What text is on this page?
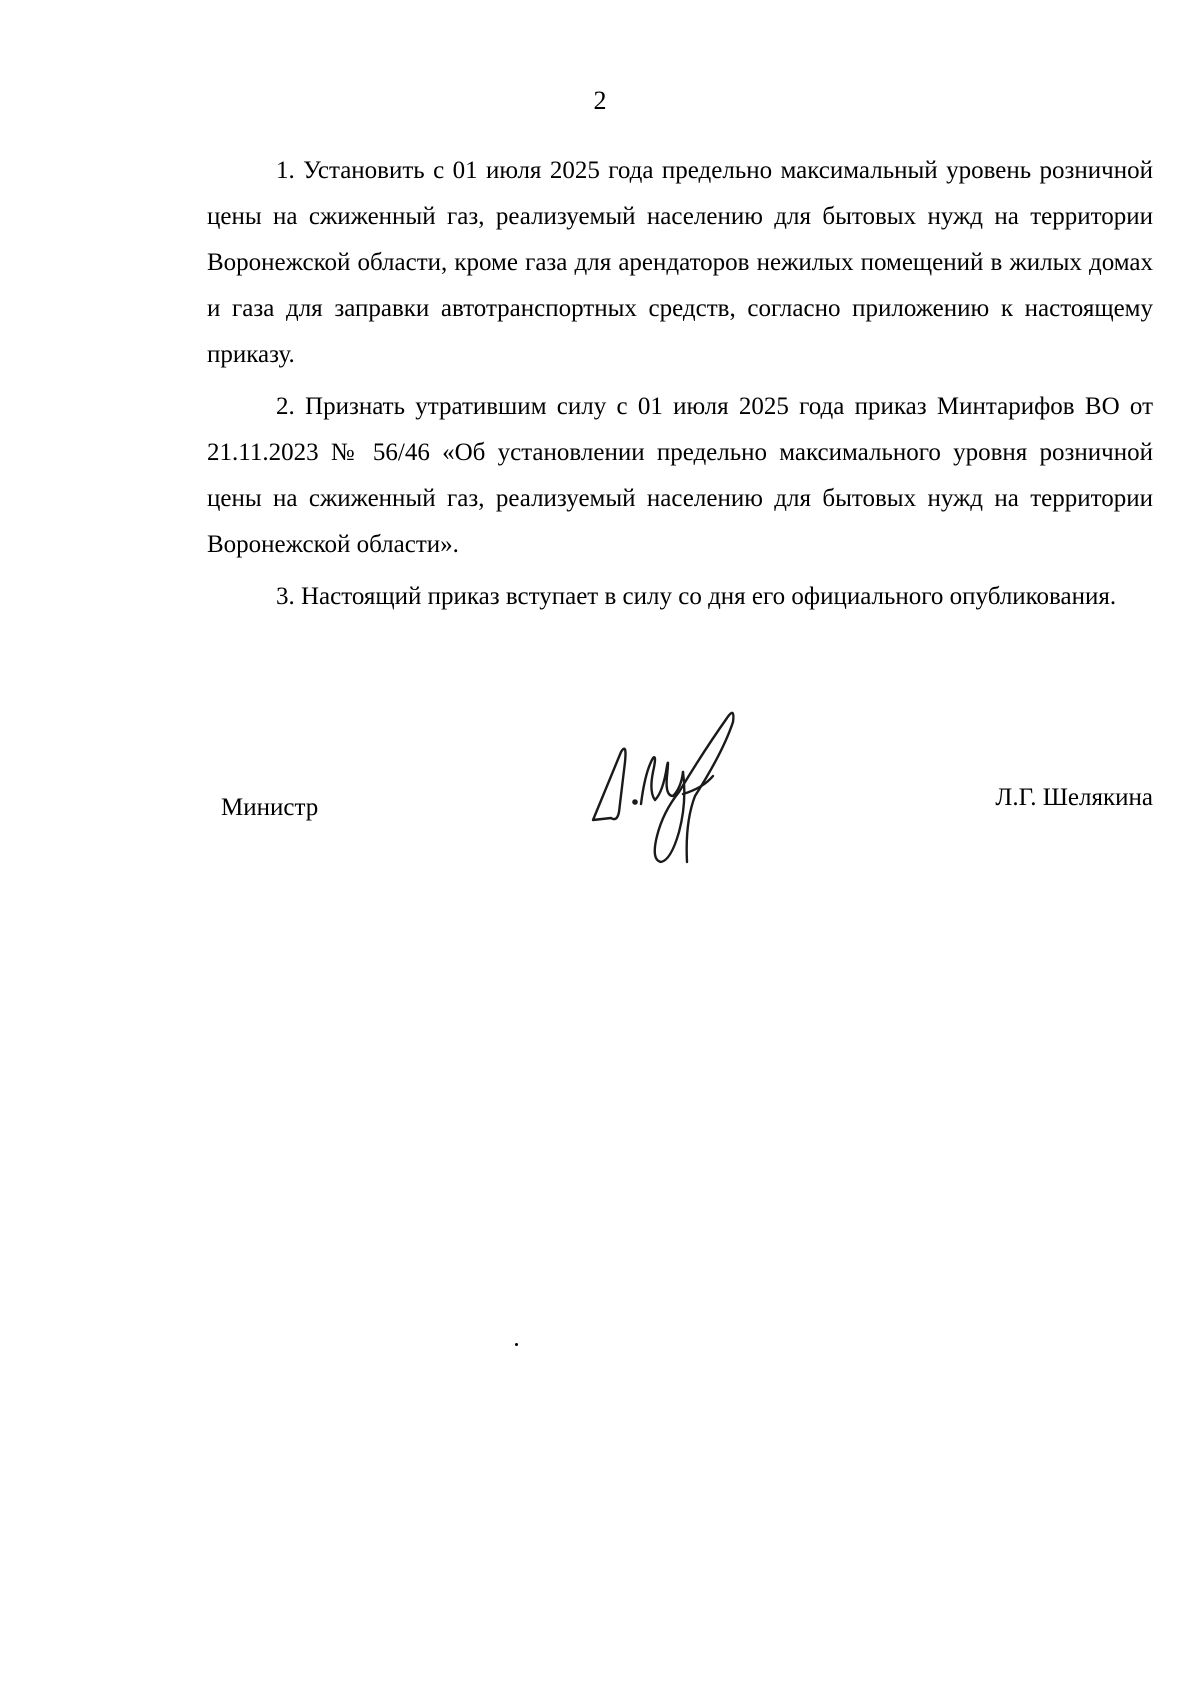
2

1. Установить с 01 июля 2025 года предельно максимальный уровень розничной цены на сжиженный газ, реализуемый населению для бытовых нужд на территории Воронежской области, кроме газа для арендаторов нежилых помещений в жилых домах и газа для заправки автотранспортных средств, согласно приложению к настоящему приказу.

2. Признать утратившим силу с 01 июля 2025 года приказ Минтарифов ВО от 21.11.2023 № 56/46 «Об установлении предельно максимального уровня розничной цены на сжиженный газ, реализуемый населению для бытовых нужд на территории Воронежской области».

3. Настоящий приказ вступает в силу со дня его официального опубликования.

Министр	Л.Г. Шелякина
